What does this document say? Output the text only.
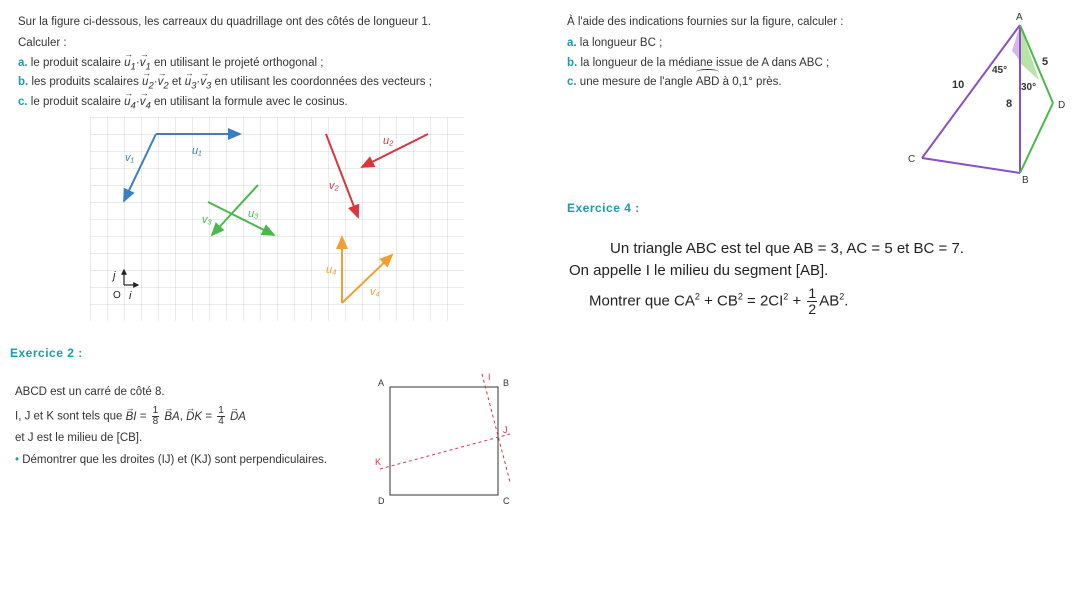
Sur la figure ci-dessous, les carreaux du quadrillage ont des côtés de longueur 1.
Calculer :
a. le produit scalaire → $u_1\cdot\to v_1$ en utilisant le projeté orthogonal ;
b. les produits scalaires → $u_2\cdot\to v_2$ et → $u_3\cdot\to v_3$ en utilisant les coordonnées des vecteurs ;
c. le produit scalaire → $u_4\cdot\to v_4$ en utilisant la formule avec le cosinus.
v₁
u₁
u₂
v₂
v₃	u₃
u₄
v₄
j
i
O
Exercice 2 :
ABCD est un carré de côté 8.
I, J et K sont tels que → BI = $\frac{1}{8}$ → BA, → DK = $\frac{1}{4}$ → DA
et J est le milieu de [CB].
• Démontrer que les droites (IJ) et (KJ) sont perpendiculaires.
A	B
C
D
I
J
K
À l'aide des indications fournies sur la figure, calculer :
a. la longueur BC ;
b. la longueur de la médiane issue de A dans ABC ;
c. une mesure de l'angle ABD à 0,1° près.
A
B
C
D
10
8
5
45°
30°
Exercice 4 :
Un triangle ABC est tel que AB = 3, AC = 5 et BC = 7.
On appelle I le milieu du segment [AB].
Montrer que $CA^2 + CB^2 = 2CI^2 + \frac{1}{2} AB^2$.
